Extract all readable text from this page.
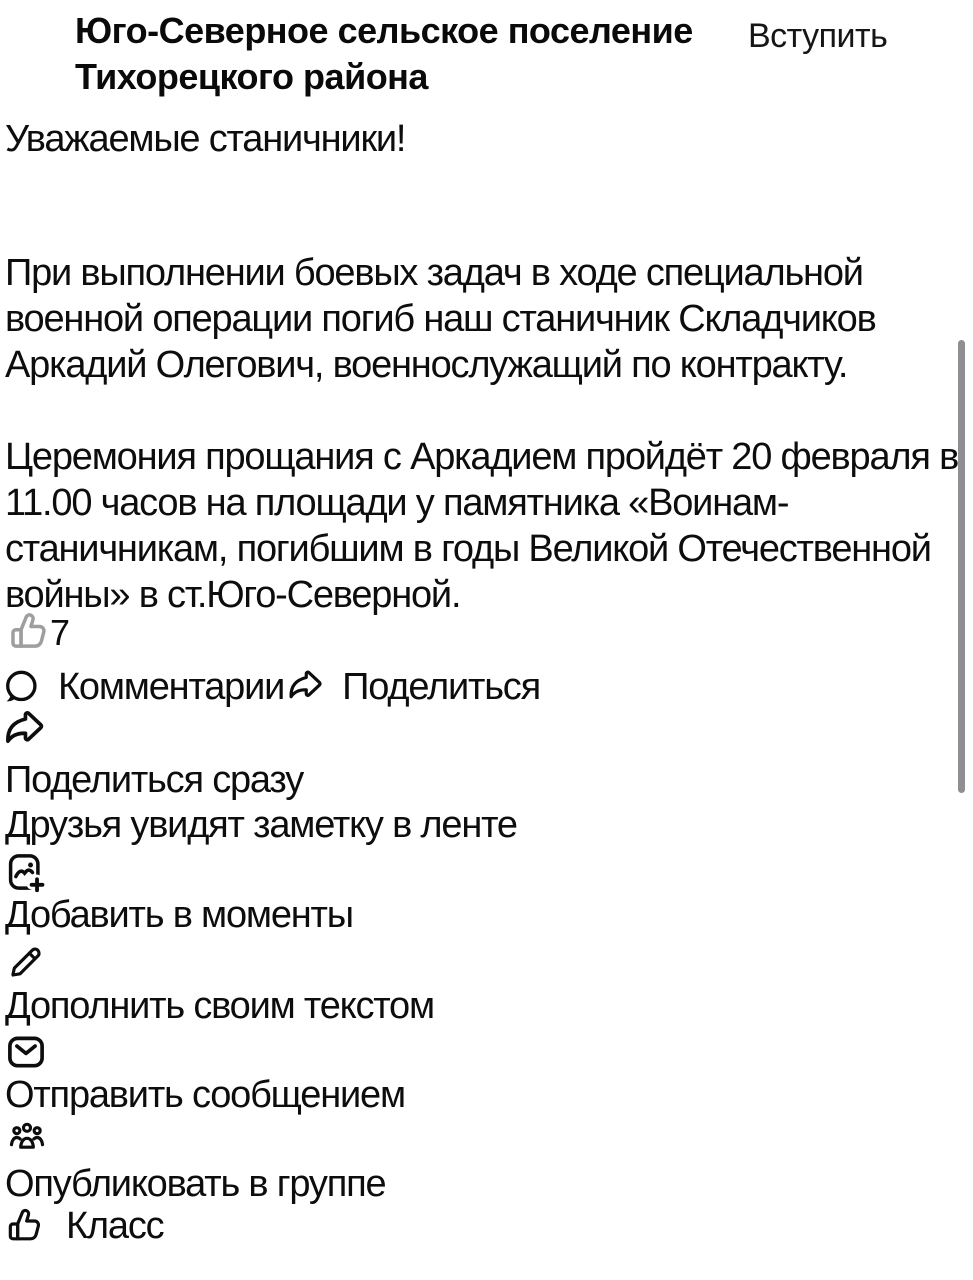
Юго-Северное сельское поселение Тихорецкого района
Вступить
Уважаемые станичники!

При выполнении боевых задач в ходе специальной военной операции погиб наш станичник Складчиков Аркадий Олегович, военнослужащий по контракту.

Церемония прощания с Аркадием пройдёт 20 февраля в 11.00 часов на площади у памятника «Воинам-станичникам, погибшим в годы Великой Отечественной войны» в ст.Юго-Северной.

7
Комментарии Поделиться
Поделиться сразу
Друзья увидят заметку в ленте
Добавить в моменты
Дополнить своим текстом
Отправить сообщением
Опубликовать в группе
Класс
